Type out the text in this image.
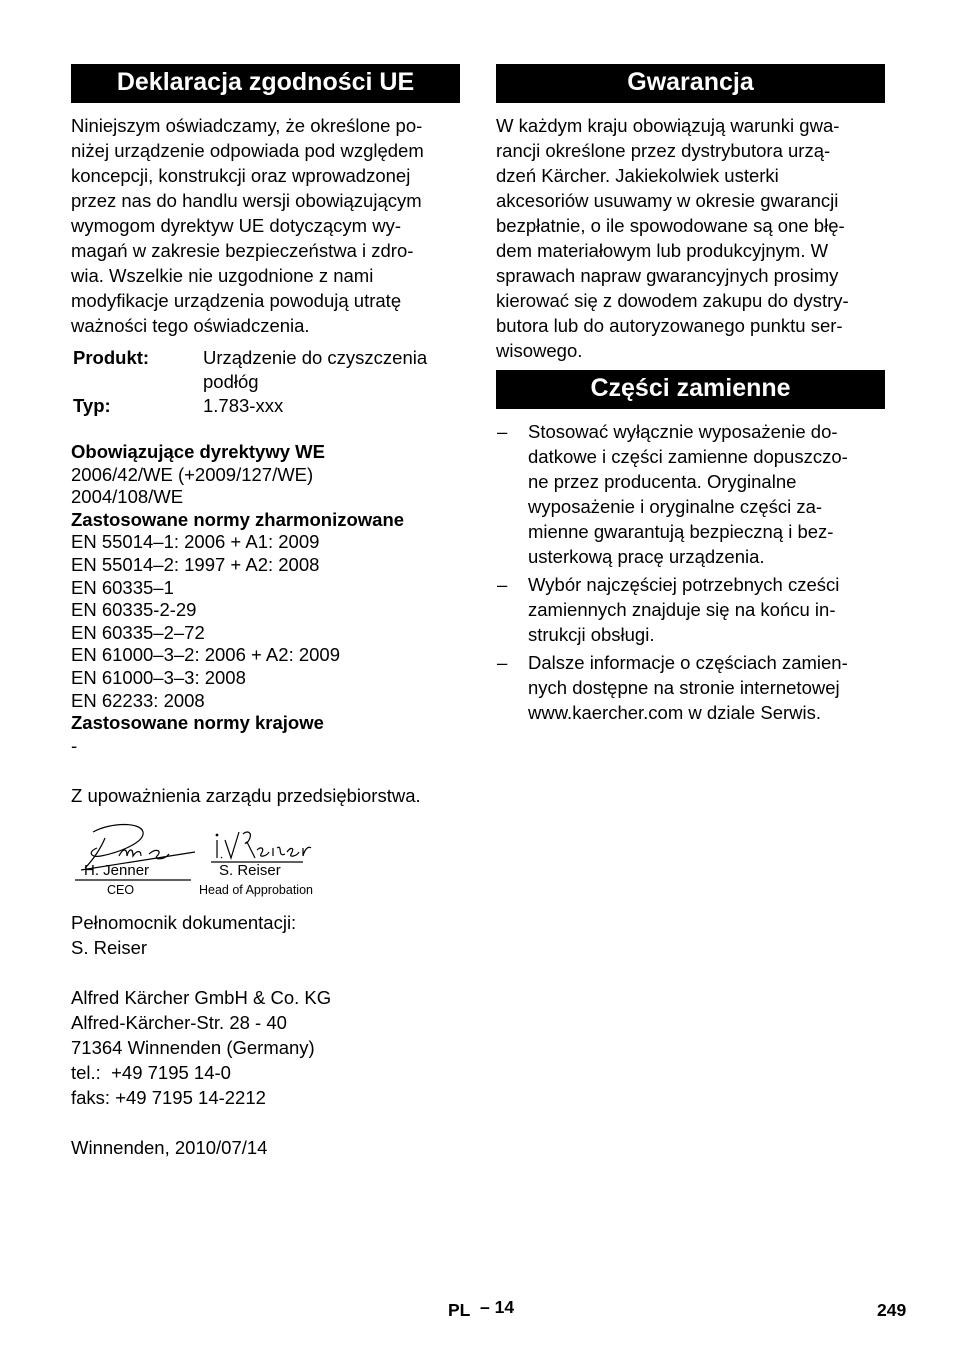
Deklaracja zgodności UE

Niniejszym oświadczamy, że określone po-
niżej urządzenie odpowiada pod względem
koncepcji, konstrukcji oraz wprowadzonej
przez nas do handlu wersji obowiązującym
wymogom dyrektyw UE dotyczącym wy-
magań w zakresie bezpieczeństwa i zdro-
wia. Wszelkie nie uzgodnione z nami
modyfikacje urządzenia powodują utratę
ważności tego oświadczenia.

Produkt:	Urządzenie do czyszczenia
podłóg

Typ:	1.783-xxx
Obowiązujące dyrektywy WE
2006/42/WE (+2009/127/WE)
2004/108/WE
Zastosowane normy zharmonizowane
EN 55014–1: 2006 + A1: 2009
EN 55014–2: 1997 + A2: 2008
EN 60335–1
EN 60335-2-29
EN 60335–2–72
EN 61000–3–2: 2006 + A2: 2009
EN 61000–3–3: 2008
EN 62233: 2008
Zastosowane normy krajowe
-

Z upoważnienia zarządu przedsiębiorstwa.

H. Jenner
CEO
S. Reiser
Head of Approbation

Pełnomocnik dokumentacji:
S. Reiser

Alfred Kärcher GmbH & Co. KG
Alfred-Kärcher-Str. 28 - 40
71364 Winnenden (Germany)
tel.:  +49 7195 14-0
faks: +49 7195 14-2212

Winnenden, 2010/07/14

Gwarancja

W każdym kraju obowiązują warunki gwa-
rancji określone przez dystrybutora urzą-
dzeń Kärcher. Jakiekolwiek usterki
akcesoriów usuwamy w okresie gwarancji
bezpłatnie, o ile spowodowane są one błę-
dem materiałowym lub produkcyjnym. W
sprawach napraw gwarancyjnych prosimy
kierować się z dowodem zakupu do dystry-
butora lub do autoryzowanego punktu ser-
wisowego.

Części zamienne
– Stosować wyłącznie wyposażenie do-
datkowe i części zamienne dopuszczo-
ne przez producenta. Oryginalne
wyposażenie i oryginalne części za-
mienne gwarantują bezpieczną i bez-
usterkową pracę urządzenia.
– Wybór najczęściej potrzebnych cześci
zamiennych znajduje się na końcu in-
strukcji obsługi.
– Dalsze informacje o częściach zamien-
nych dostępne na stronie internetowej
www.kaercher.com w dziale Serwis.
PL – 14	249
